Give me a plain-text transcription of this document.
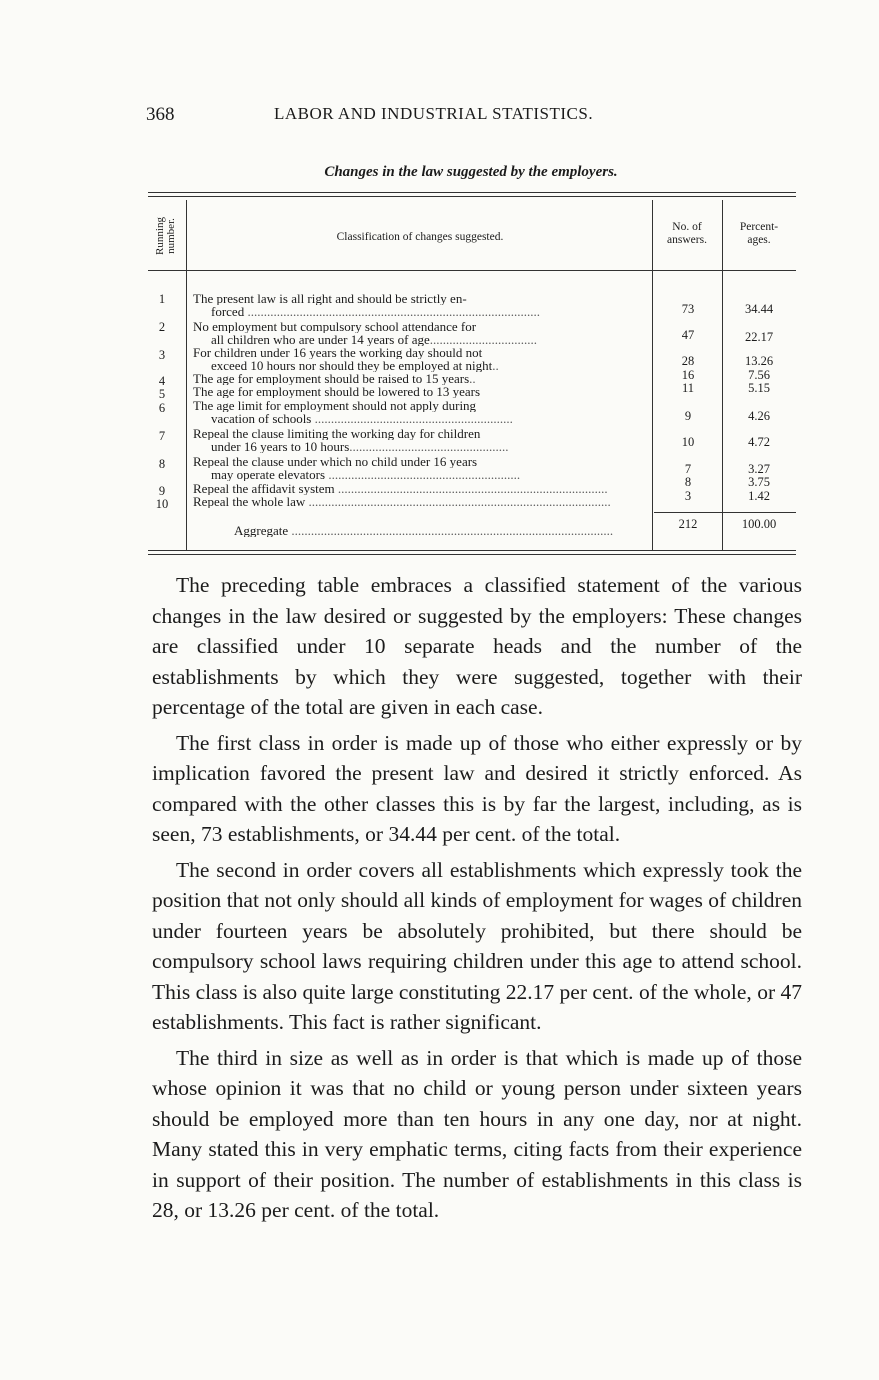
368	LABOR AND INDUSTRIAL STATISTICS.
Changes in the law suggested by the employers.
Running
number.	Classification of changes suggested.
No. of
answers.
Percent-
ages.
1	The present law is all right and should be strictly en-
forced ..........................................................................................	73	34.44
2	No employment but compulsory school attendance for
all children who are under 14 years of age.................................	47	22.17
3	For children under 16 years the working day should not
exceed 10 hours nor should they be employed at night..	28	13.26
4	The age for employment should be raised to 15 years..	16	7.56
5	The age for employment should be lowered to 13 years	11	5.15
6	The age limit for employment should not apply during
vacation of schools .............................................................	9	4.26
7	Repeal the clause limiting the working day for children
under 16 years to 10 hours.................................................	10	4.72
8	Repeal the clause under which no child under 16 years
may operate elevators ...........................................................	7	3.27
9	Repeal the affidavit system ...................................................................................	8	3.75
10	Repeal the whole law .............................................................................................	3	1.42
Aggregate ...................................................................................................	212	100.00

The preceding table embraces a classified statement of the various changes in the law desired or suggested by the employers: These changes are classified under 10 separate heads and the number of the establishments by which they were suggested, together with their percentage of the total are given in each case.

The first class in order is made up of those who either expressly or by implication favored the present law and desired it strictly enforced. As compared with the other classes this is by far the largest, including, as is seen, 73 establishments, or 34.44 per cent. of the total.

The second in order covers all establishments which expressly took the position that not only should all kinds of employment for wages of children under fourteen years be absolutely prohibited, but there should be compulsory school laws requiring children under this age to attend school. This class is also quite large constituting 22.17 per cent. of the whole, or 47 establishments. This fact is rather significant.

The third in size as well as in order is that which is made up of those whose opinion it was that no child or young person under sixteen years should be employed more than ten hours in any one day, nor at night. Many stated this in very emphatic terms, citing facts from their experience in support of their position. The number of establishments in this class is 28, or 13.26 per cent. of the total.
